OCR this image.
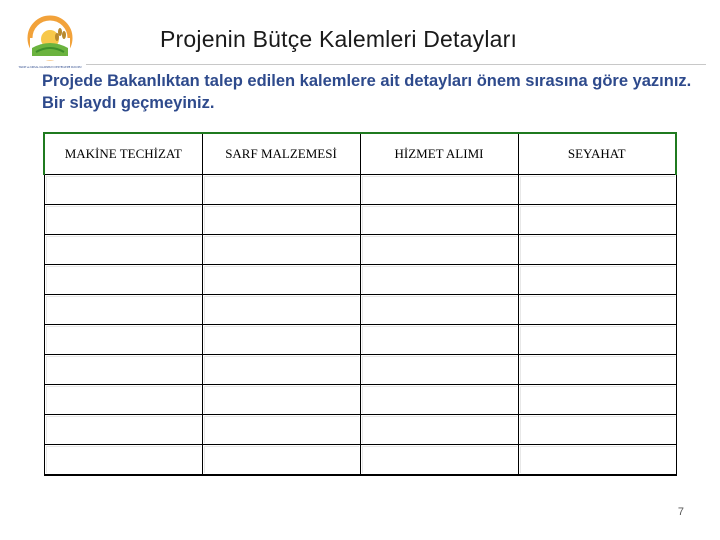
TARIM ve KIRSAL KALKINMAYI DESTEKLEME KURUMU
Projenin Bütçe Kalemleri Detayları
Projede Bakanlıktan talep edilen kalemlere ait detayları önem sırasına göre yazınız. Bir slaydı geçmeyiniz.
MAKİNE TECHİZAT	SARF MALZEMESİ	HİZMET ALIMI	SEYAHAT

7
